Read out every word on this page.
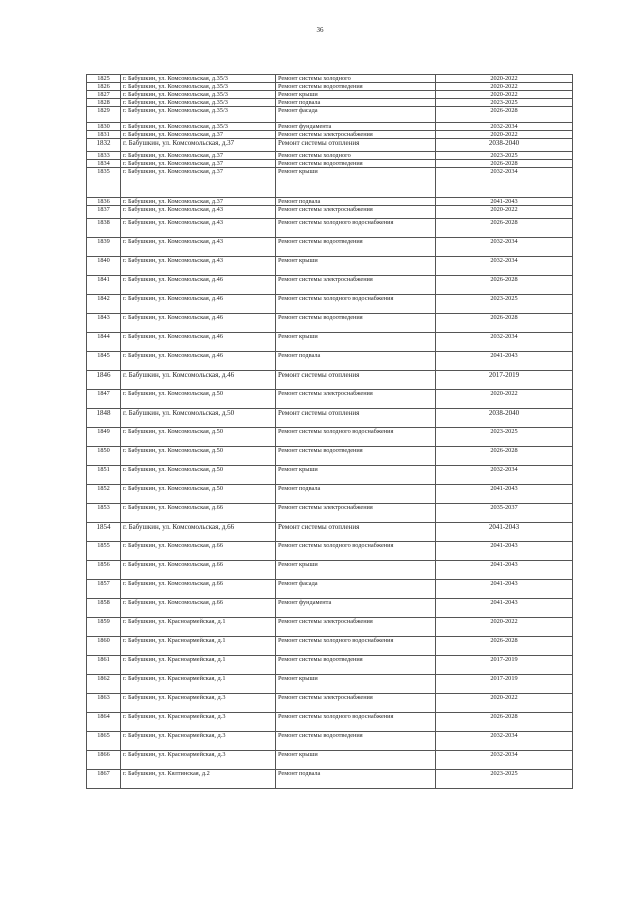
36
1825	г. Бабушкин, ул. Комсомольская, д.35/3	Ремонт системы холодного	2020-2022
1826	г. Бабушкин, ул. Комсомольская, д.35/3	Ремонт системы водоотведения	2020-2022
1827	г. Бабушкин, ул. Комсомольская, д.35/3	Ремонт крыши	2020-2022
1828	г. Бабушкин, ул. Комсомольская, д.35/3	Ремонт подвала	2023-2025
1829	г. Бабушкин, ул. Комсомольская, д.35/3	Ремонт фасада	2026-2028
1830	г. Бабушкин, ул. Комсомольская, д.35/3	Ремонт фундамента	2032-2034
1831	г. Бабушкин, ул. Комсомольская, д.37	Ремонт системы электроснабжения	2020-2022
1832	г. Бабушкин, ул. Комсомольская, д.37	Ремонт системы отопления	2038-2040
1833	г. Бабушкин, ул. Комсомольская, д.37	Ремонт системы холодного	2023-2025
1834	г. Бабушкин, ул. Комсомольская, д.37	Ремонт системы водоотведения	2026-2028
1835	г. Бабушкин, ул. Комсомольская, д.37	Ремонт крыши	2032-2034
1836	г. Бабушкин, ул. Комсомольская, д.37	Ремонт подвала	2041-2043
1837	г. Бабушкин, ул. Комсомольская, д.43	Ремонт системы электроснабжения	2020-2022
1838	г. Бабушкин, ул. Комсомольская, д.43	Ремонт системы холодного водоснабжения	2026-2028
1839	г. Бабушкин, ул. Комсомольская, д.43	Ремонт системы водоотведения	2032-2034
1840	г. Бабушкин, ул. Комсомольская, д.43	Ремонт крыши	2032-2034
1841	г. Бабушкин, ул. Комсомольская, д.46	Ремонт системы электроснабжения	2026-2028
1842	г. Бабушкин, ул. Комсомольская, д.46	Ремонт системы холодного водоснабжения	2023-2025
1843	г. Бабушкин, ул. Комсомольская, д.46	Ремонт системы водоотведения	2026-2028
1844	г. Бабушкин, ул. Комсомольская, д.46	Ремонт крыши	2032-2034
1845	г. Бабушкин, ул. Комсомольская, д.46	Ремонт подвала	2041-2043
1846	г. Бабушкин, ул. Комсомольская, д.46	Ремонт системы отопления	2017-2019
1847	г. Бабушкин, ул. Комсомольская, д.50	Ремонт системы электроснабжения	2020-2022
1848	г. Бабушкин, ул. Комсомольская, д.50	Ремонт системы отопления	2038-2040
1849	г. Бабушкин, ул. Комсомольская, д.50	Ремонт системы холодного водоснабжения	2023-2025
1850	г. Бабушкин, ул. Комсомольская, д.50	Ремонт системы водоотведения	2026-2028
1851	г. Бабушкин, ул. Комсомольская, д.50	Ремонт крыши	2032-2034
1852	г. Бабушкин, ул. Комсомольская, д.50	Ремонт подвала	2041-2043
1853	г. Бабушкин, ул. Комсомольская, д.66	Ремонт системы электроснабжения	2035-2037
1854	г. Бабушкин, ул. Комсомольская, д.66	Ремонт системы отопления	2041-2043
1855	г. Бабушкин, ул. Комсомольская, д.66	Ремонт системы холодного водоснабжения	2041-2043
1856	г. Бабушкин, ул. Комсомольская, д.66	Ремонт крыши	2041-2043
1857	г. Бабушкин, ул. Комсомольская, д.66	Ремонт фасада	2041-2043
1858	г. Бабушкин, ул. Комсомольская, д.66	Ремонт фундамента	2041-2043
1859	г. Бабушкин, ул. Красноармейская, д.1	Ремонт системы электроснабжения	2020-2022
1860	г. Бабушкин, ул. Красноармейская, д.1	Ремонт системы холодного водоснабжения	2026-2028
1861	г. Бабушкин, ул. Красноармейская, д.1	Ремонт системы водоотведения	2017-2019
1862	г. Бабушкин, ул. Красноармейская, д.1	Ремонт крыши	2017-2019
1863	г. Бабушкин, ул. Красноармейская, д.3	Ремонт системы электроснабжения	2020-2022
1864	г. Бабушкин, ул. Красноармейская, д.3	Ремонт системы холодного водоснабжения	2026-2028
1865	г. Бабушкин, ул. Красноармейская, д.3	Ремонт системы водоотведения	2032-2034
1866	г. Бабушкин, ул. Красноармейская, д.3	Ремонт крыши	2032-2034
1867	г. Бабушкин, ул. Кялтинская, д.2	Ремонт подвала	2023-2025
